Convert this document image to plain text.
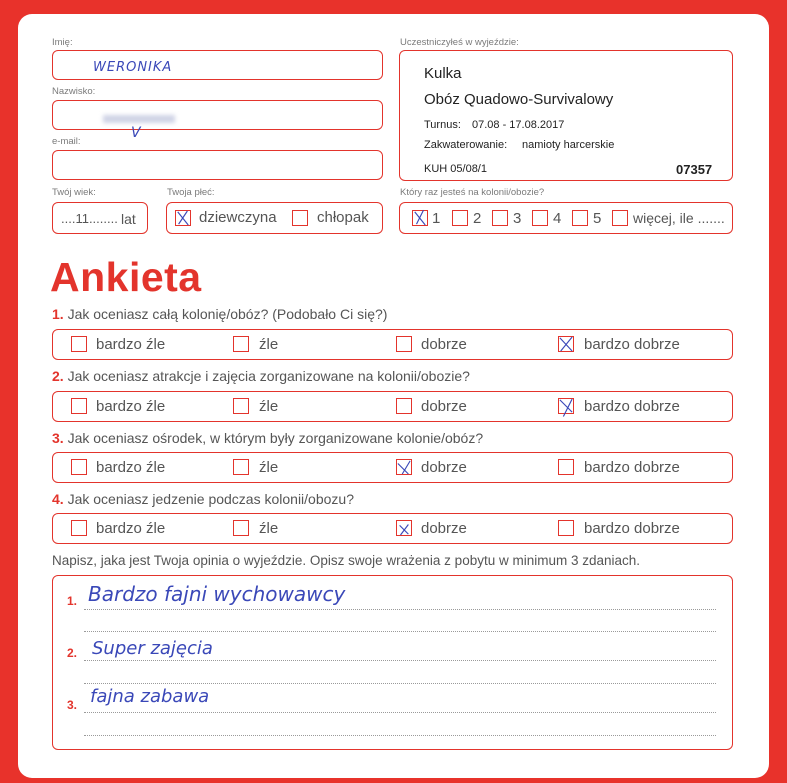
Imię:
WERONIKA
Nazwisko:
V
e-mail:
Twój wiek:
....11........ lat
Twoja płeć:
dziewczyna	chłopak
Uczestniczyłeś w wyjeździe:
Kulka
Obóz Quadowo-Survivalowy
Turnus: 07.08 - 17.08.2017
Zakwaterowanie: namioty harcerskie
KUH 05/08/1	07357
Który raz jesteś na kolonii/obozie?
1 2 3 4 5 więcej, ile .......
Ankieta
1. Jak oceniasz całą kolonię/obóz? (Podobało Ci się?)
bardzo źle	źle	dobrze	bardzo dobrze
2. Jak oceniasz atrakcje i zajęcia zorganizowane na kolonii/obozie?
bardzo źle	źle	dobrze	bardzo dobrze
3. Jak oceniasz ośrodek, w którym były zorganizowane kolonie/obóz?
bardzo źle	źle	dobrze	bardzo dobrze
4. Jak oceniasz jedzenie podczas kolonii/obozu?
bardzo źle	źle	dobrze	bardzo dobrze
Napisz, jaka jest Twoja opinia o wyjeździe. Opisz swoje wrażenia z pobytu w minimum 3 zdaniach.
1. Bardzo fajni wychowawcy
2. Super zajęcia
3. fajna zabawa
